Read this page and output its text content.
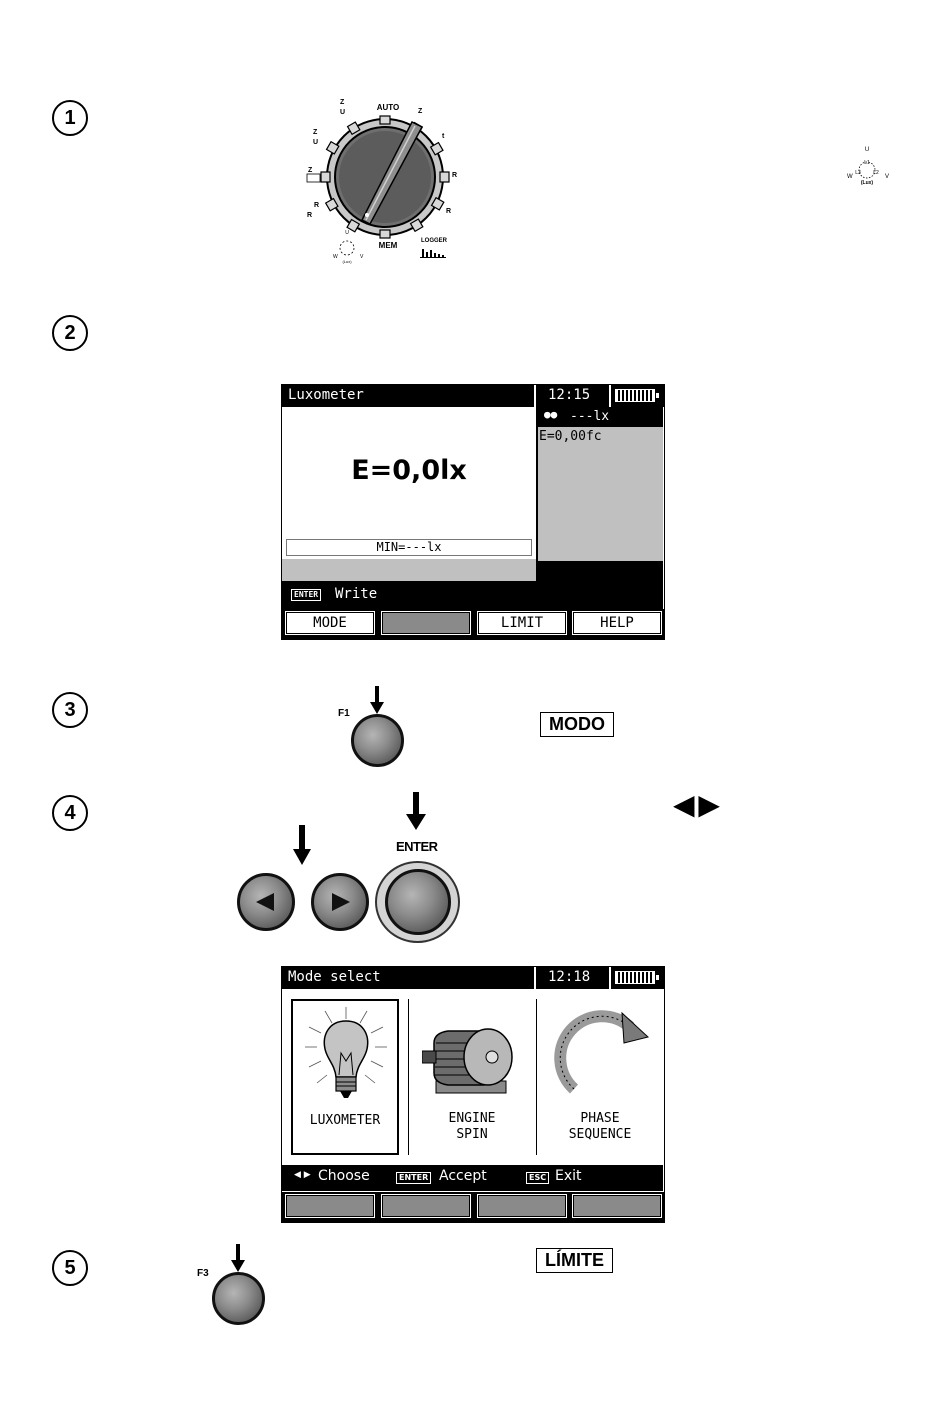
1	AUTO
MEM	LOGGER
Z
U
Z
U
Z
R
R
Z
t
R
R
U
W	V
(Lux)
U
L1
L3 L2
W	V
(Lux)
2
Luxometer	12:15
E=0,0lx
MIN=---lx
●● ---lx
E=0,00fc
ENTER Write
MODE	LIMIT	HELP
3	F1
MODO
4	◀ ▶
ENTER
Mode select	12:18
LUXOMETER	ENGINE
SPIN
PHASE
SEQUENCE
◀ ▶ Choose	ENTER Accept	ESC Exit
5	F3
LÍMITE
